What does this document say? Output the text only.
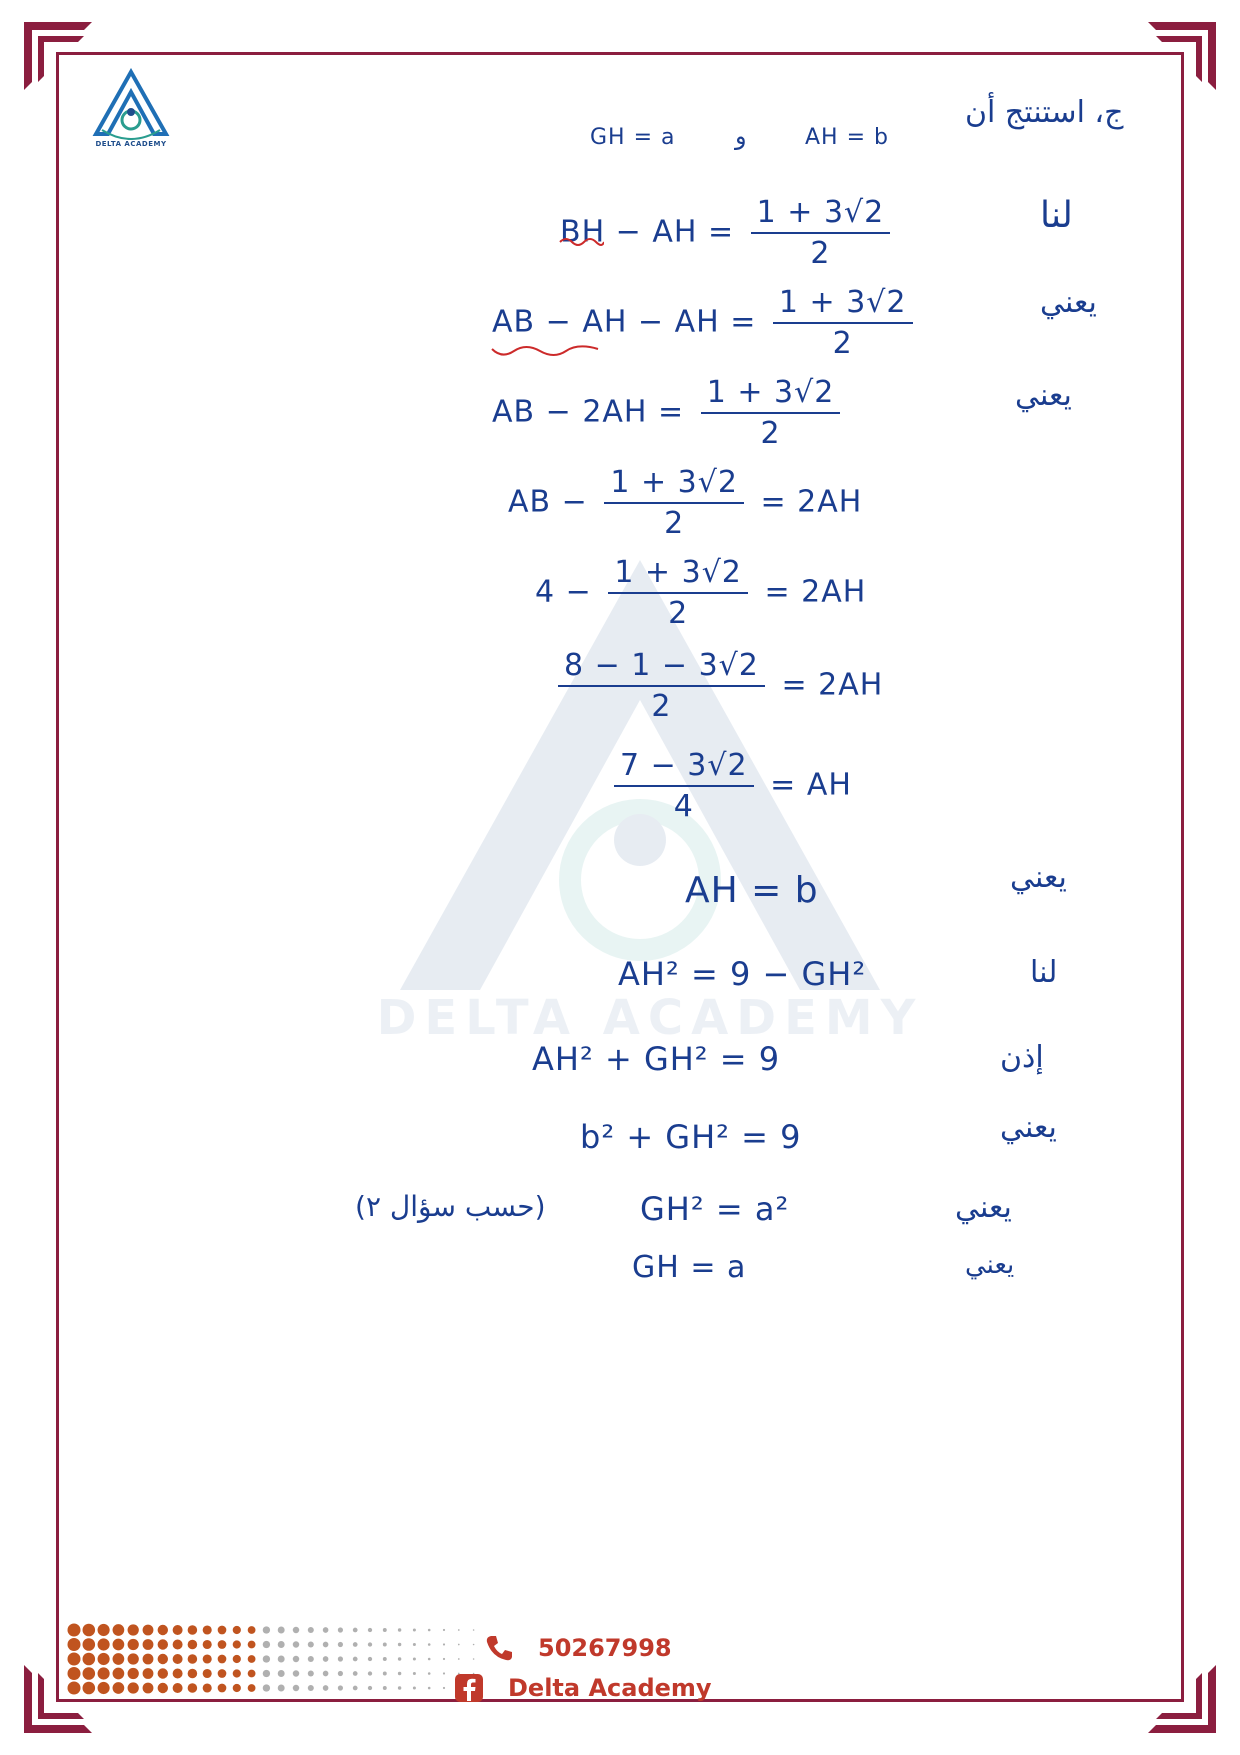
DELTA ACADEMY
DELTA ACADEMY
ج، استنتج أن
GH = a و	AH = b
BH − AH = $\frac{1 + 3√2}{2}$	لنا
AB − AH − AH = $\frac{1 + 3√2}{2}$	يعني
AB − $2AH = \frac{1 + 3√2}{2}$	يعني
AB − $\frac{1 + 3√2}{2} = 2AH$
$4 - \frac{1 + 3√2}{2} = 2AH$
$\frac{8 - 1 - 3√2}{2} = 2AH$
$\frac{7 - 3√2}{4}$ = AH
AH = b	يعني
AH² = 9 − GH²	لنا
AH² + GH² = 9	إذن
b² + GH² = 9	يعني
(حسب سؤال ٢)	GH² = a²	يعني
GH = a	يعني
50267998
Delta Academy
